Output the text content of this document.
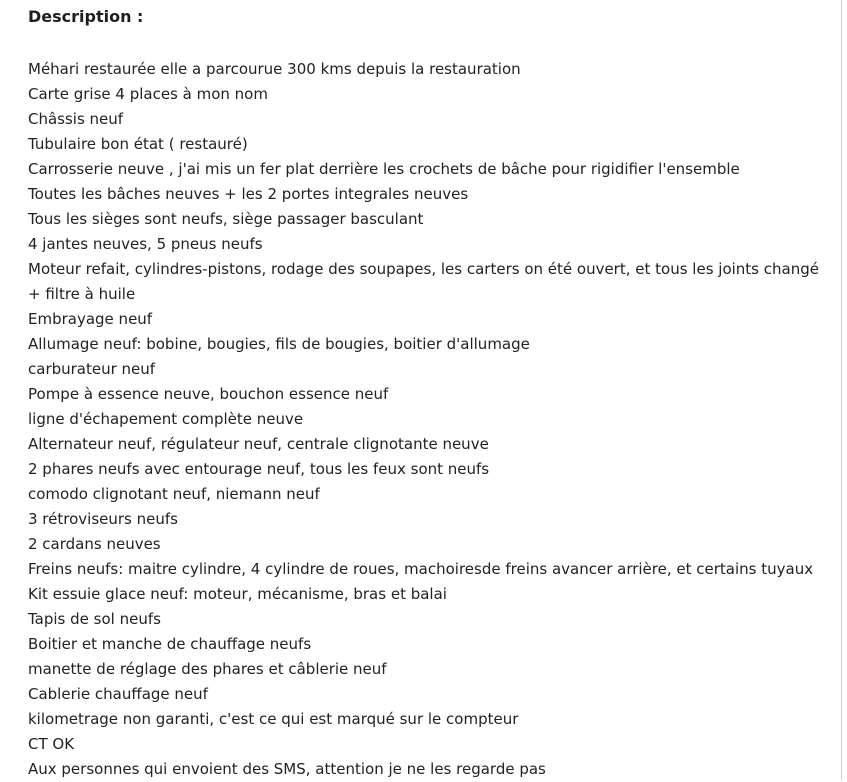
Description :
Méhari restaurée elle a parcourue 300 kms depuis la restauration
Carte grise 4 places à mon nom
Châssis neuf
Tubulaire bon état ( restauré)
Carrosserie neuve , j'ai mis un fer plat derrière les crochets de bâche pour rigidifier l'ensemble
Toutes les bâches neuves + les 2 portes integrales neuves
Tous les sièges sont neufs, siège passager basculant
4 jantes neuves, 5 pneus neufs
Moteur refait, cylindres-pistons, rodage des soupapes, les carters on été ouvert, et tous les joints changé + filtre à huile
Embrayage neuf
Allumage neuf: bobine, bougies, fils de bougies, boitier d'allumage
carburateur neuf
Pompe à essence neuve, bouchon essence neuf
ligne d'échapement complète neuve
Alternateur neuf, régulateur neuf, centrale clignotante neuve
2 phares neufs avec entourage neuf, tous les feux sont neufs
comodo clignotant neuf, niemann neuf
3 rétroviseurs neufs
2 cardans neuves
Freins neufs: maitre cylindre, 4 cylindre de roues, machoiresde freins avancer arrière, et certains tuyaux
Kit essuie glace neuf: moteur, mécanisme, bras et balai
Tapis de sol neufs
Boitier et manche de chauffage neufs
manette de réglage des phares et câblerie neuf
Cablerie chauffage neuf
kilometrage non garanti, c'est ce qui est marqué sur le compteur
CT OK
Aux personnes qui envoient des SMS, attention je ne les regarde pas
